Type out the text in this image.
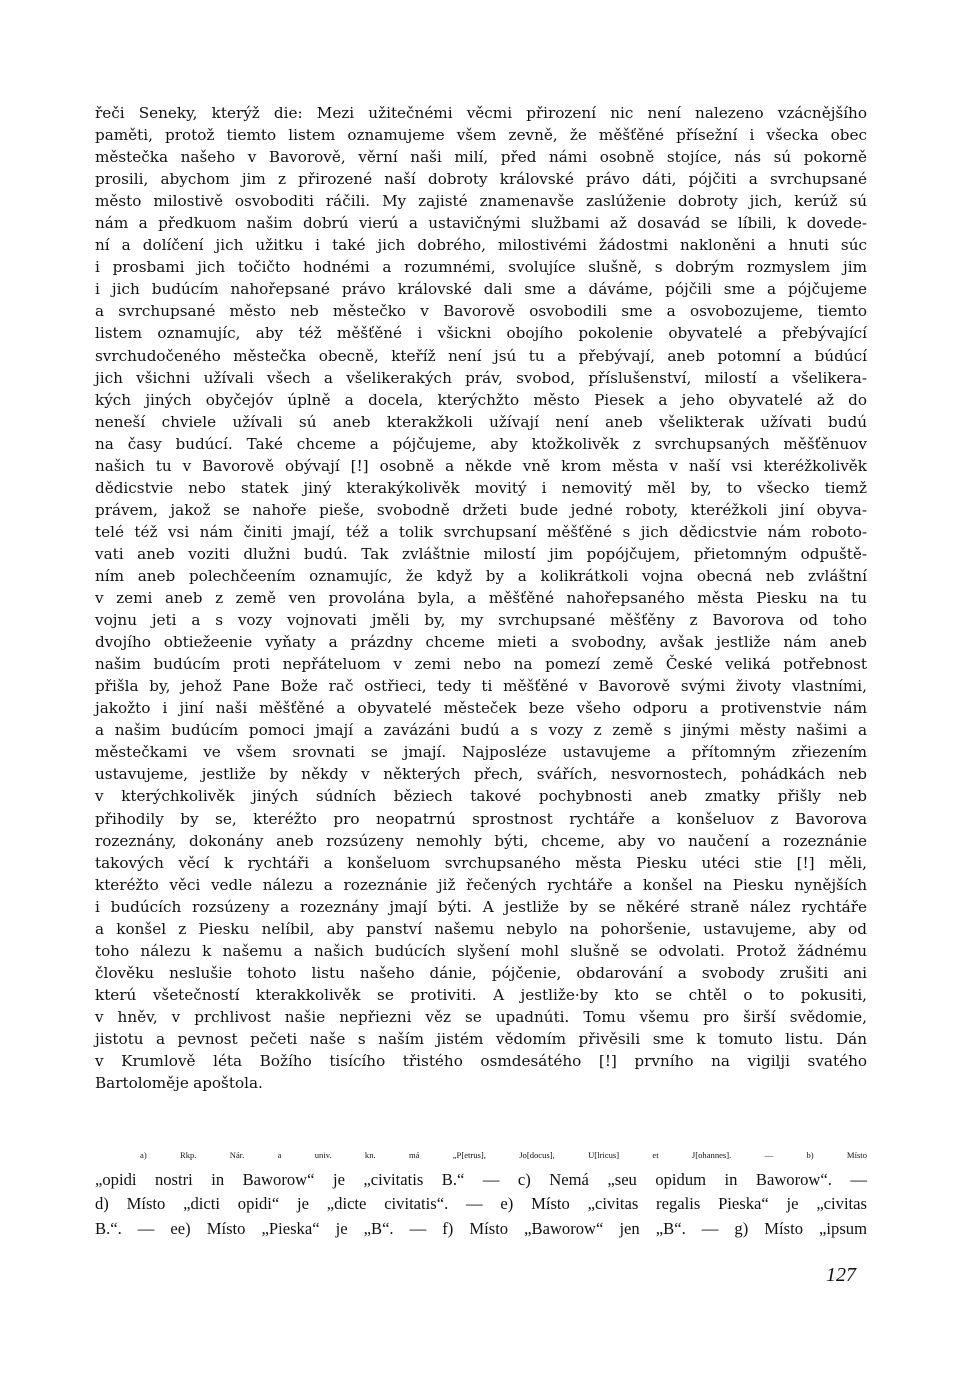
řeči Seneky, kterýž die: Mezi užitečnémi věcmi přirození nic není nalezeno vzácnějšího
paměti, protož tiemto listem oznamujeme všem zevně, že měšťěné přísežní i všecka obec
městečka našeho v Bavorově, věrní naši milí, před námi osobně stojíce, nás sú pokorně
prosili, abychom jim z přirozené naší dobroty královské právo dáti, pójčiti a svrchupsané
město milostivě osvoboditi ráčili. My zajisté znamenavše zaslúženie dobroty jich, kerúž sú
nám a předkuom našim dobrú vierú a ustavičnými službami až dosavád se líbili, k dovede-
ní a dolíčení jich užitku i také jich dobrého, milostivémi žádostmi nakloněni a hnuti súc
i prosbami jich točičto hodnémi a rozumnémi, svolujíce slušně, s dobrým rozmyslem jim
i jich budúcím nahořepsané právo královské dali sme a dáváme, pójčili sme a pójčujeme
a svrchupsané město neb městečko v Bavorově osvobodili sme a osvobozujeme, tiemto
listem oznamujíc, aby též měšťěné i všickni obojího pokolenie obyvatelé a přebývající
svrchudočeného městečka obecně, kteříž není jsú tu a přebývají, aneb potomní a búdúcí
jich všichni užívali všech a všelikerakých práv, svobod, příslušenství, milostí a všelikera-
kých jiných obyčejóv úplně a docela, kterýchžto město Piesek a jeho obyvatelé až do
neneší chviele užívali sú aneb kterakžkoli užívají není aneb všelikterak užívati budú
na časy budúcí. Také chceme a pójčujeme, aby ktožkolivěk z svrchupsaných měšťěnuov
našich tu v Bavorově obývají [!] osobně a někde vně krom města v naší vsi kteréžkolivěk
dědicstvie nebo statek jiný kterakýkolivěk movitý i nemovitý měl by, to všecko tiemž
právem, jakož se nahoře pieše, svobodně držeti bude jedné roboty, kteréžkoli jiní obyva-
telé též vsi nám činiti jmají, též a tolik svrchupsaní měšťěné s jich dědicstvie nám roboto-
vati aneb voziti dlužni budú. Tak zvláštnie milostí jim popójčujem, přietomným odpuště-
ním aneb polechčeením oznamujíc, že když by a kolikrátkoli vojna obecná neb zvláštní
v zemi aneb z země ven provolána byla, a měšťěné nahořepsaného města Piesku na tu
vojnu jeti a s vozy vojnovati jměli by, my svrchupsané měšťěny z Bavorova od toho
dvojího obtiežeenie vyňaty a prázdny chceme mieti a svobodny, avšak jestliže nám aneb
našim budúcím proti nepřáteluom v zemi nebo na pomezí země České veliká potřebnost
přišla by, jehož Pane Bože rač ostřieci, tedy ti měšťěné v Bavorově svými životy vlastními,
jakožto i jiní naši měšťěné a obyvatelé městeček beze všeho odporu a protivenstvie nám
a našim budúcím pomoci jmají a zavázáni budú a s vozy z země s jinými městy našimi a
městečkami ve všem srovnati se jmají. Najposléze ustavujeme a přítomným zřiezením
ustavujeme, jestliže by někdy v některých přech, svářích, nesvornostech, pohádkách neb
v kterýchkolivěk jiných súdních běziech takové pochybnosti aneb zmatky přišly neb
přihodily by se, kteréžto pro neopatrnú sprostnost rychtáře a konšeluov z Bavorova
rozeznány, dokonány aneb rozsúzeny nemohly býti, chceme, aby vo naučení a rozeznánie
takových věcí k rychtáři a konšeluom svrchupsaného města Piesku utéci stie [!] měli,
kteréžto věci vedle nálezu a rozeznánie již řečených rychtáře a konšel na Piesku nynějších
i budúcích rozsúzeny a rozeznány jmají býti. A jestliže by se někéré straně nález rychtáře
a konšel z Piesku nelíbil, aby panství našemu nebylo na pohoršenie, ustavujeme, aby od
toho nálezu k našemu a našich budúcích slyšení mohl slušně se odvolati. Protož žádnému
člověku neslušie tohoto listu našeho dánie, pójčenie, obdarování a svobody zrušiti ani
kterú všetečností kterakkolivěk se protiviti. A jestliže·by kto se chtěl o to pokusiti,
v hněv, v prchlivost našie nepřiezni věz se upadnúti. Tomu všemu pro širší svědomie,
jistotu a pevnost pečeti naše s naším jistém vědomím přivěsili sme k tomuto listu. Dán
v Krumlově léta Božího tisícího třistého osmdesátého [!] prvního na vigilji svatého
Bartoloměje apoštola.
a) Rkp. Nár. a univ. kn. má „P[etrus], Jo[docus], U[lricus] et J[ohannes]. — b) Místo
„opidi nostri in Baworow“ je „civitatis B.“ — c) Nemá „seu opidum in Baworow“. —
d) Místo „dicti opidi“ je „dicte civitatis“. — e) Místo „civitas regalis Pieska“ je „civitas
B.“. — ee) Místo „Pieska“ je „B“. — f) Místo „Baworow“ jen „B“. — g) Místo „ipsum
127
